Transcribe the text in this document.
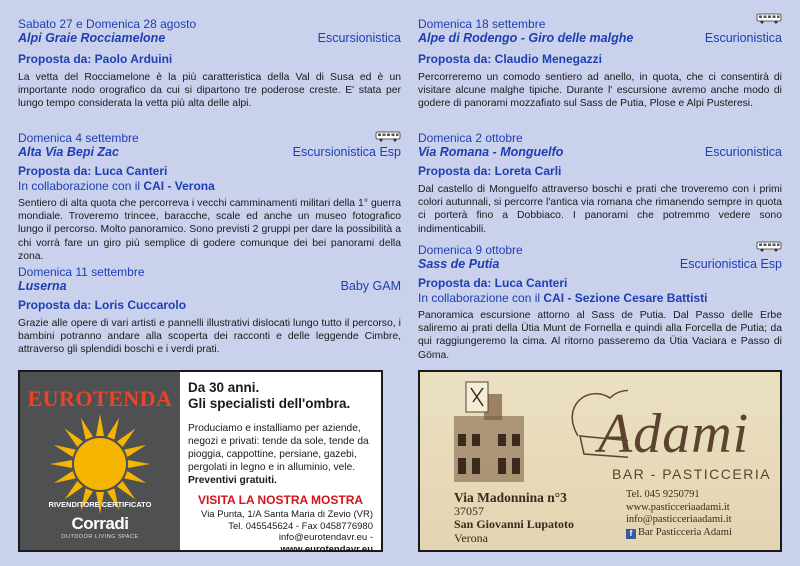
Sabato 27 e Domenica 28 agosto
Alpi Graie Rocciamelone	Escursionistica
Proposta da: Paolo Arduini
La vetta del Rocciamelone è la più caratteristica della Val di Susa ed è un importante nodo orografico da cui si dipartono tre poderose creste. E' stata per lungo tempo considerata la vetta più alta delle alpi.
Domenica 4 settembre
Alta Via Bepi Zac	Escursionistica Esp
Proposta da: Luca Canteri
In collaborazione con il CAI - Verona
Sentiero di alta quota che percorreva i vecchi camminamenti militari della 1° guerra mondiale. Troveremo trincee, baracche, scale ed anche un museo fotografico lungo il percorso. Molto panoramico. Sono previsti 2 gruppi per dare la possibilità a chi vorrà fare un giro più semplice di godere comunque dei bei panorami della zona.
Domenica 11 settembre
Luserna	Baby GAM
Proposta da: Loris Cuccarolo
Grazie alle opere di vari artisti e pannelli illustrativi dislocati lungo tutto il percorso, i bambini potranno andare alla scoperta dei racconti e delle leggende Cimbre, attraverso gli splendidi boschi e i verdi prati.
Domenica 18 settembre
Alpe di Rodengo - Giro delle malghe	Escurionistica
Proposta da: Claudio Menegazzi
Percorreremo un comodo sentiero ad anello, in quota, che ci consentirà di visitare alcune malghe tipiche. Durante l' escursione avremo anche modo di godere di panorami mozzafiato sul Sass de Putia, Plose e Alpi Pusteresi.
Domenica 2 ottobre
Via Romana - Monguelfo	Escurionistica
Proposta da: Loreta Carli
Dal castello di Monguelfo attraverso boschi e prati che troveremo con i primi colori autunnali, si percorre l'antica via romana che rimanendo sempre in quota ci porterà fino a Dobbiaco. I panorami che potremmo vedere sono indimenticabili.
Domenica 9 ottobre
Sass de Putia	Escurionistica Esp
Proposta da: Luca Canteri
In collaborazione con il CAI - Sezione Cesare Battisti
Panoramica escursione attorno al Sass de Putia. Dal Passo delle Erbe saliremo ai prati della Ütia Munt de Fornella e quindi alla Forcella de Putia; da qui raggiungeremo la cima. Al ritorno passeremo da Ütia Vaciara e Passo di Göma.
EUROTENDA
RIVENDITORE CERTIFICATO
Corradi
OUTDOOR LIVING SPACE
Da 30 anni.
Gli specialisti dell'ombra.
Produciamo e installiamo per aziende, negozi e privati: tende da sole, tende da pioggia, cappottine, persiane, gazebi, pergolati in legno e in alluminio, vele. Preventivi gratuiti.
VISITA LA NOSTRA MOSTRA
Via Punta, 1/A Santa Maria di Zevio (VR)
Tel. 045545624 - Fax 0458776980
info@eurotendavr.eu - www.eurotendavr.eu
Adami
BAR - PASTICCERIA
Via Madonnina n°3
37057
San Giovanni Lupatoto
Verona
Tel. 045 9250791
www.pasticceriaadami.it
info@pasticceriaadami.it
f Bar Pasticceria Adami
